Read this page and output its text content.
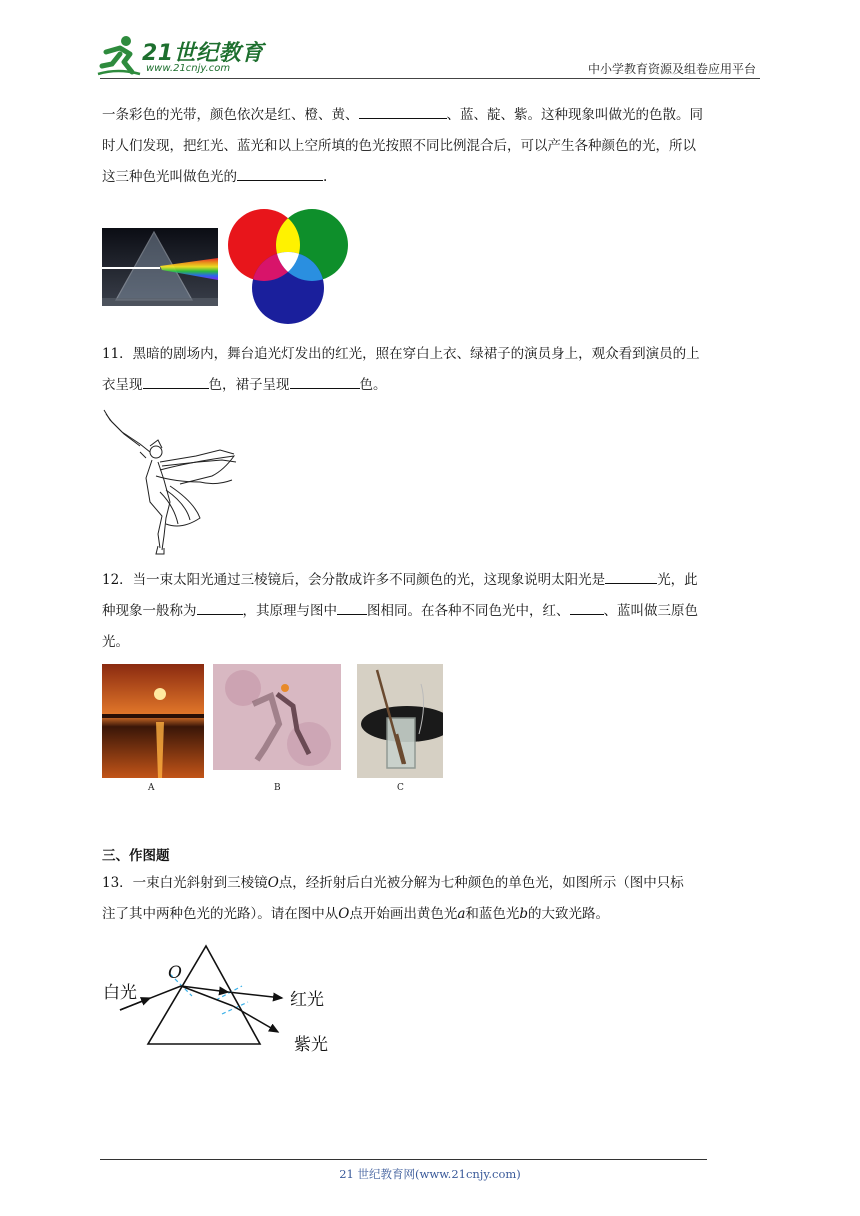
21世纪教育
www.21cnjy.com	中小学教育资源及组卷应用平台

一条彩色的光带，颜色依次是红、橙、黄、	、蓝、靛、紫。这种现象叫做光的色散。同

时人们发现，把红光、蓝光和以上空所填的色光按照不同比例混合后，可以产生各种颜色的光，所以

这三种色光叫做色光的	.

11．黑暗的剧场内，舞台追光灯发出的红光，照在穿白上衣、绿裙子的演员身上，观众看到演员的上

衣呈现	色，裙子呈现	色。

12．当一束太阳光通过三棱镜后，会分散成许多不同颜色的光，这现象说明太阳光是	光，此

种现象一般称为	，其原理与图中 图相同。在各种不同色光中，红、	、蓝叫做三原色

光。

A	B	C
三、作图题

13．一束白光斜射到三棱镜O点，经折射后白光被分解为七种颜色的单色光，如图所示（图中只标

注了其中两种色光的光路）。请在图中从O点开始画出黄色光a和蓝色光b的大致光路。

白光
O
红光
紫光
21 世纪教育网(www.21cnjy.com)
